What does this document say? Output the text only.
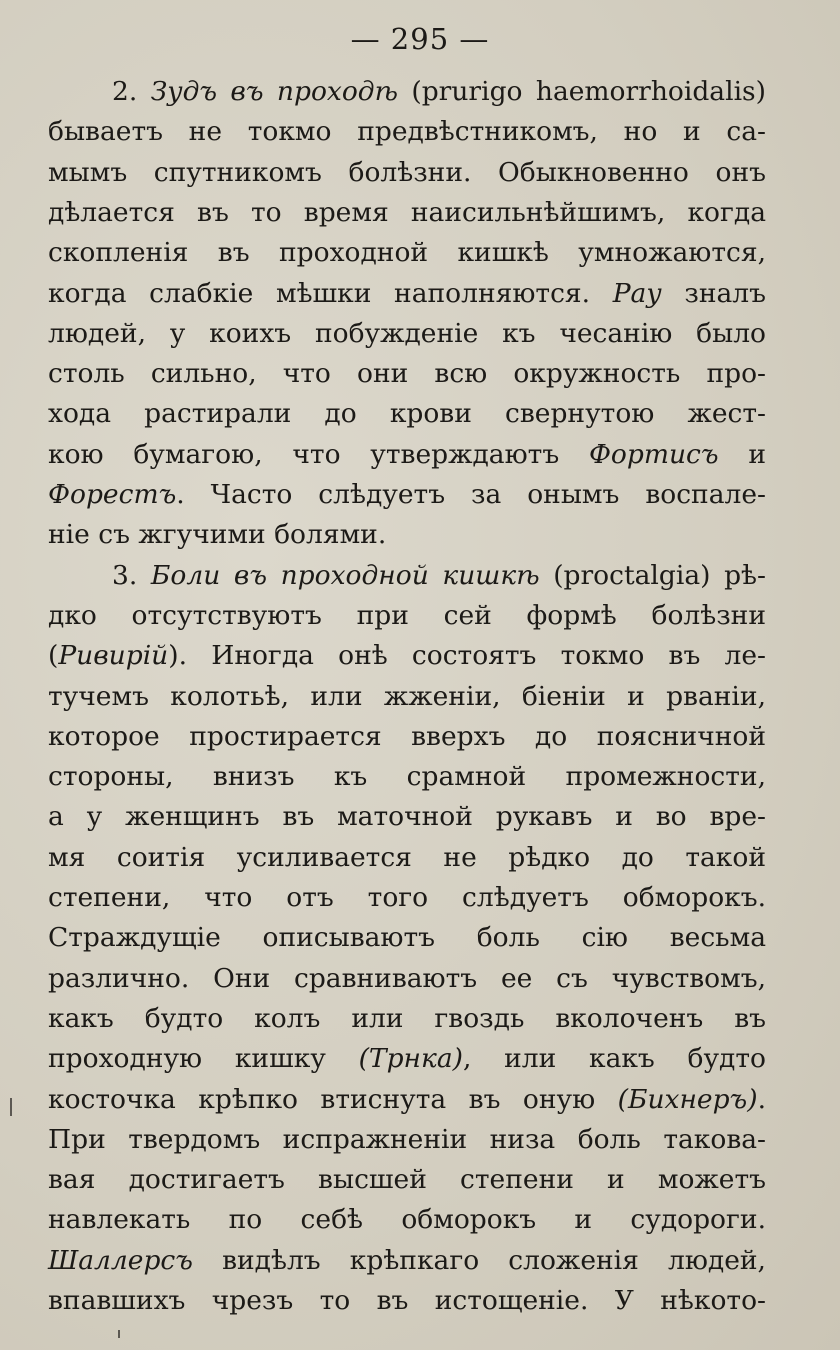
— 295 —
2. Зудъ въ проходѣ (prurigo haemorrhoidalis)
бываетъ не токмо предвѣстникомъ, но и са-
мымъ спутникомъ болѣзни. Обыкновенно онъ
дѣлается въ то время наисильнѣйшимъ, когда
скопленія въ проходной кишкѣ умножаются,
когда слабкіе мѣшки наполняются. Рау зналъ
людей, у коихъ побужденіе къ чесанію было
столь сильно, что они всю окружность про-
хода растирали до крови свернутою жест-
кою бумагою, что утверждаютъ Фортисъ и
Форестъ. Часто слѣдуетъ за онымъ воспале-
ніе съ жгучими болями.
3. Боли въ проходной кишкѣ (proctalgia) рѣ-
дко отсутствуютъ при сей формѣ болѣзни
(Ривирій). Иногда онѣ состоятъ токмо въ ле-
тучемъ колотьѣ, или жженіи, біеніи и рваніи,
которое простирается вверхъ до поясничной
стороны, внизъ къ срамной промежности,
а у женщинъ въ маточной рукавъ и во вре-
мя соитія усиливается не рѣдко до такой
степени, что отъ того слѣдуетъ обморокъ.
Страждущіе описываютъ боль сію весьма
различно. Они сравниваютъ ее съ чувствомъ,
какъ будто колъ или гвоздь вколоченъ въ
проходную кишку (Трнка), или какъ будто
косточка крѣпко втиснута въ оную (Бихнеръ).
При твердомъ испражненіи низа боль такова-
вая достигаетъ высшей степени и можетъ
навлекать по себѣ обморокъ и судороги.
Шаллерсъ видѣлъ крѣпкаго сложенія людей,
впавшихъ чрезъ то въ истощеніе. У нѣкото-
